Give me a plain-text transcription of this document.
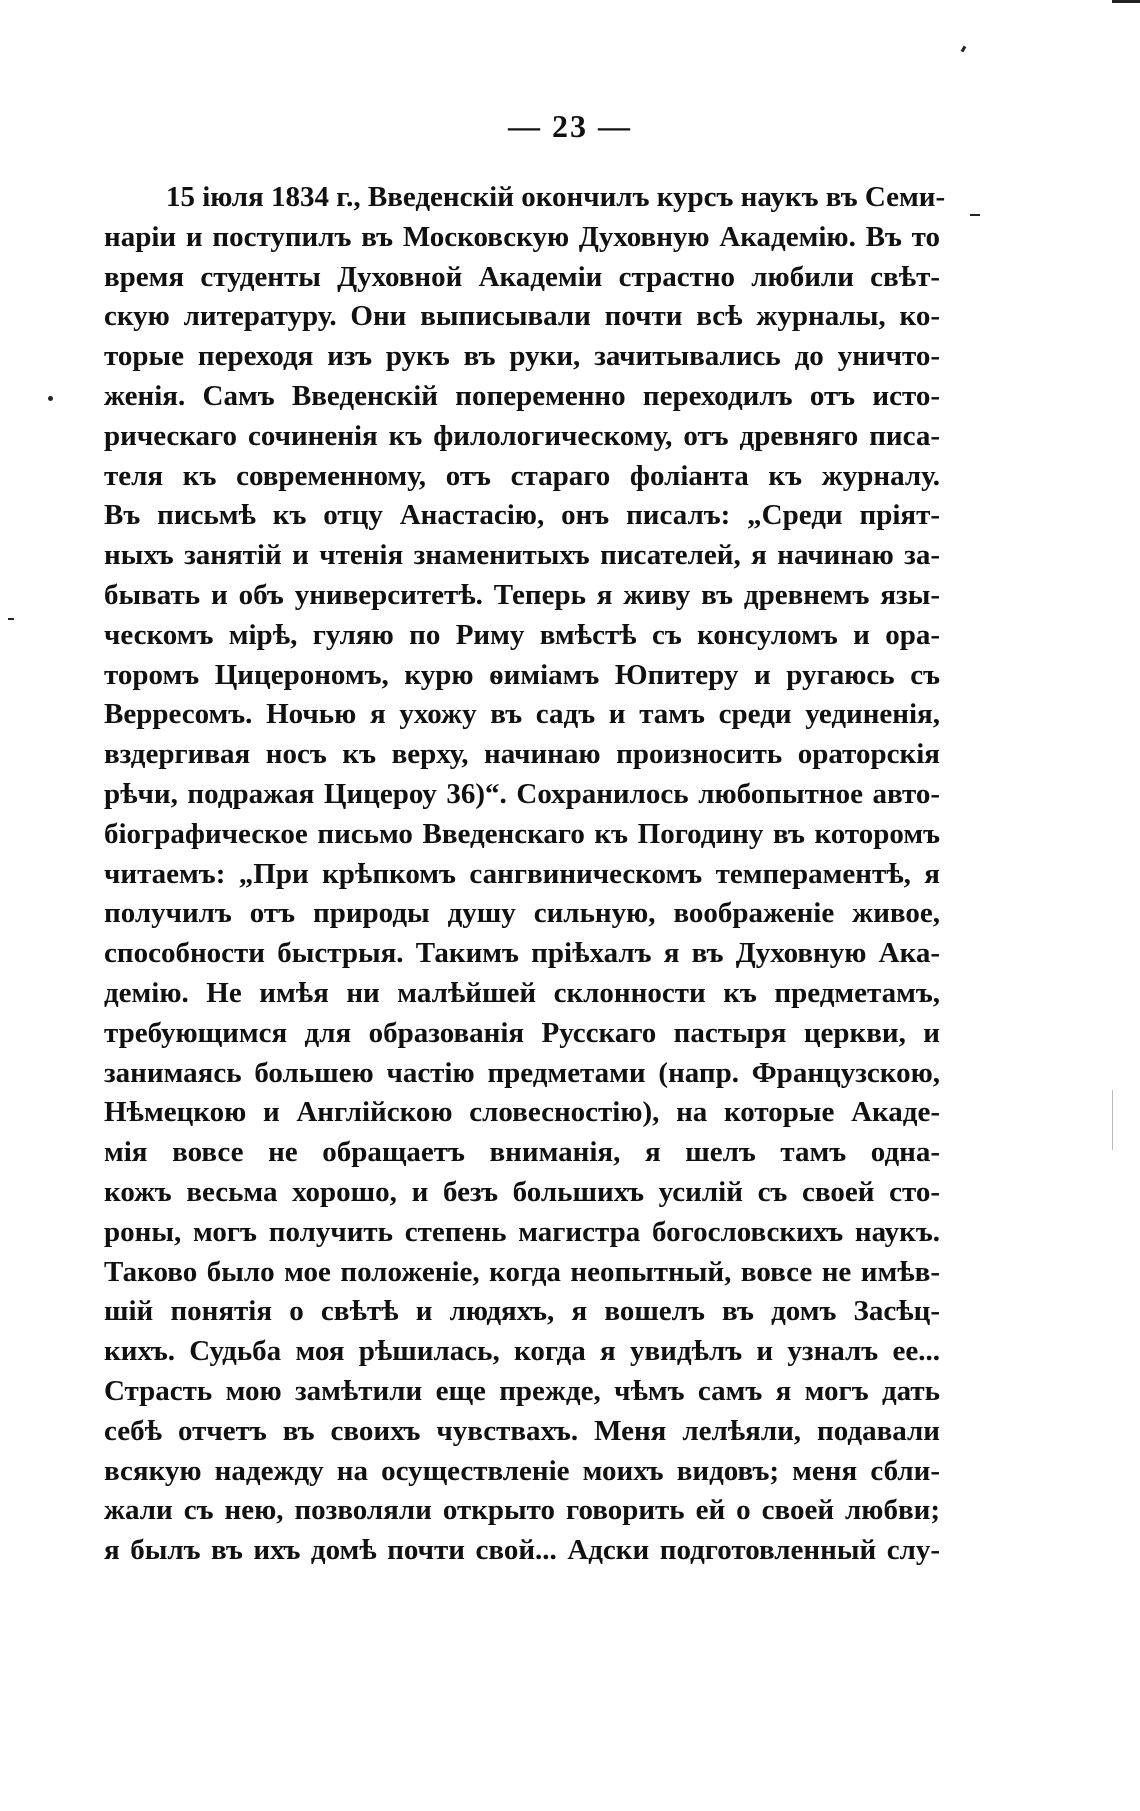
— 23 —
15 іюля 1834 г., Введенскій окончилъ курсъ наукъ въ Семи-
наріи и поступилъ въ Московскую Духовную Академію. Въ то
время студенты Духовной Академіи страстно любили свѣт-
скую литературу. Они выписывали почти всѣ журналы, ко-
торые переходя изъ рукъ въ руки, зачитывались до уничто-
женія. Самъ Введенскій попеременно переходилъ отъ исто-
рическаго сочиненія къ филологическому, отъ древняго писа-
теля къ современному, отъ стараго фоліанта къ журналу.
Въ письмѣ къ отцу Анастасію, онъ писалъ: „Среди пріят-
ныхъ занятій и чтенія знаменитыхъ писателей, я начинаю за-
бывать и объ университетѣ. Теперь я живу въ древнемъ язы-
ческомъ мірѣ, гуляю по Риму вмѣстѣ съ консуломъ и ора-
торомъ Цицерономъ, курю ѳиміамъ Юпитеру и ругаюсь съ
Верресомъ. Ночью я ухожу въ садъ и тамъ среди уединенія,
вздергивая носъ къ верху, начинаю произносить ораторскія
рѣчи, подражая Цицероу 36)“. Сохранилось любопытное авто-
біографическое письмо Введенскаго къ Погодину въ которомъ
читаемъ: „При крѣпкомъ сангвиническомъ темпераментѣ, я
получилъ отъ природы душу сильную, воображеніе живое,
способности быстрыя. Такимъ пріѣхалъ я въ Духовную Ака-
демію. Не имѣя ни малѣйшей склонности къ предметамъ,
требующимся для образованія Русскаго пастыря церкви, и
занимаясь большею частію предметами (напр. Французскою,
Нѣмецкою и Англійскою словесностію), на которые Акаде-
мія вовсе не обращаетъ вниманія, я шелъ тамъ одна-
кожъ весьма хорошо, и безъ большихъ усилій съ своей сто-
роны, могъ получить степень магистра богословскихъ наукъ.
Таково было мое положеніе, когда неопытный, вовсе не имѣв-
шій понятія о свѣтѣ и людяхъ, я вошелъ въ домъ Засѣц-
кихъ. Судьба моя рѣшилась, когда я увидѣлъ и узналъ ее...
Страсть мою замѣтили еще прежде, чѣмъ самъ я могъ дать
себѣ отчетъ въ своихъ чувствахъ. Меня лелѣяли, подавали
всякую надежду на осуществленіе моихъ видовъ; меня сбли-
жали съ нею, позволяли открыто говорить ей о своей любви;
я былъ въ ихъ домѣ почти свой... Адски подготовленный слу-
